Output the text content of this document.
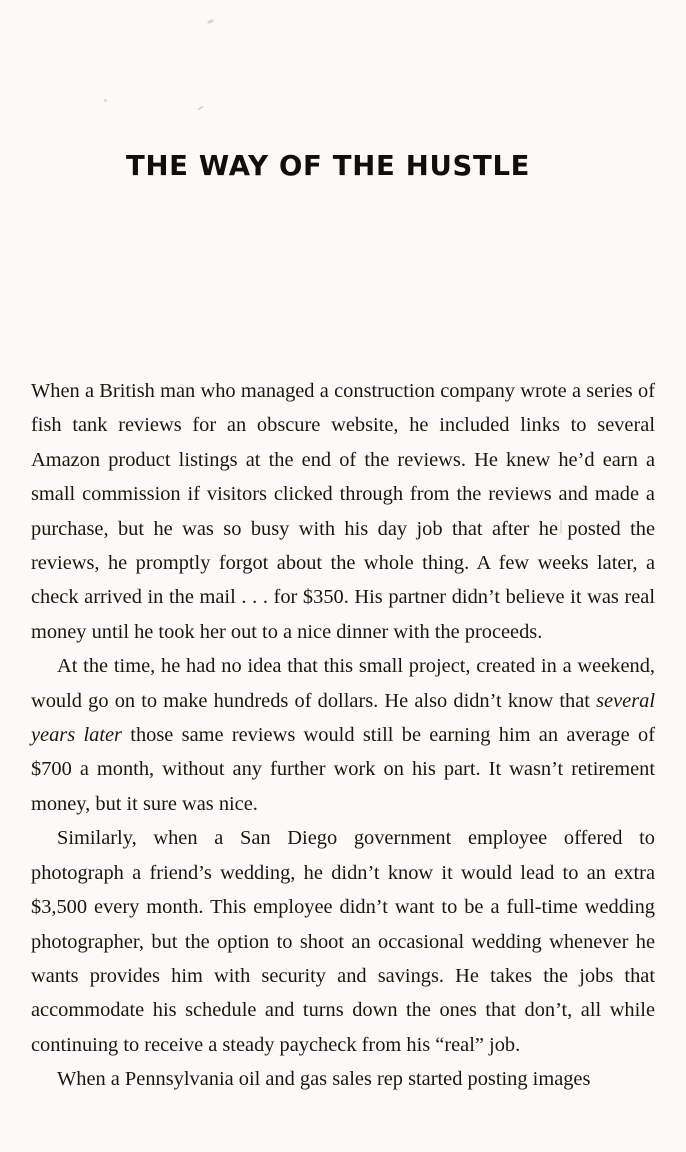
THE WAY OF THE HUSTLE

When a British man who managed a construction company wrote a series of fish tank reviews for an obscure website, he included links to several Amazon product listings at the end of the reviews. He knew he’d earn a small commission if visitors clicked through from the reviews and made a purchase, but he was so busy with his day job that after he posted the reviews, he promptly forgot about the whole thing. A few weeks later, a check arrived in the mail . . . for $350. His partner didn’t believe it was real money until he took her out to a nice dinner with the proceeds.

At the time, he had no idea that this small project, created in a weekend, would go on to make hundreds of dollars. He also didn’t know that several years later those same reviews would still be earning him an average of $700 a month, without any further work on his part. It wasn’t retirement money, but it sure was nice.

Similarly, when a San Diego government employee offered to photograph a friend’s wedding, he didn’t know it would lead to an extra $3,500 every month. This employee didn’t want to be a full-time wedding photographer, but the option to shoot an occasional wedding whenever he wants provides him with security and savings. He takes the jobs that accommodate his schedule and turns down the ones that don’t, all while continuing to receive a steady paycheck from his “real” job.

When a Pennsylvania oil and gas sales rep started posting images
